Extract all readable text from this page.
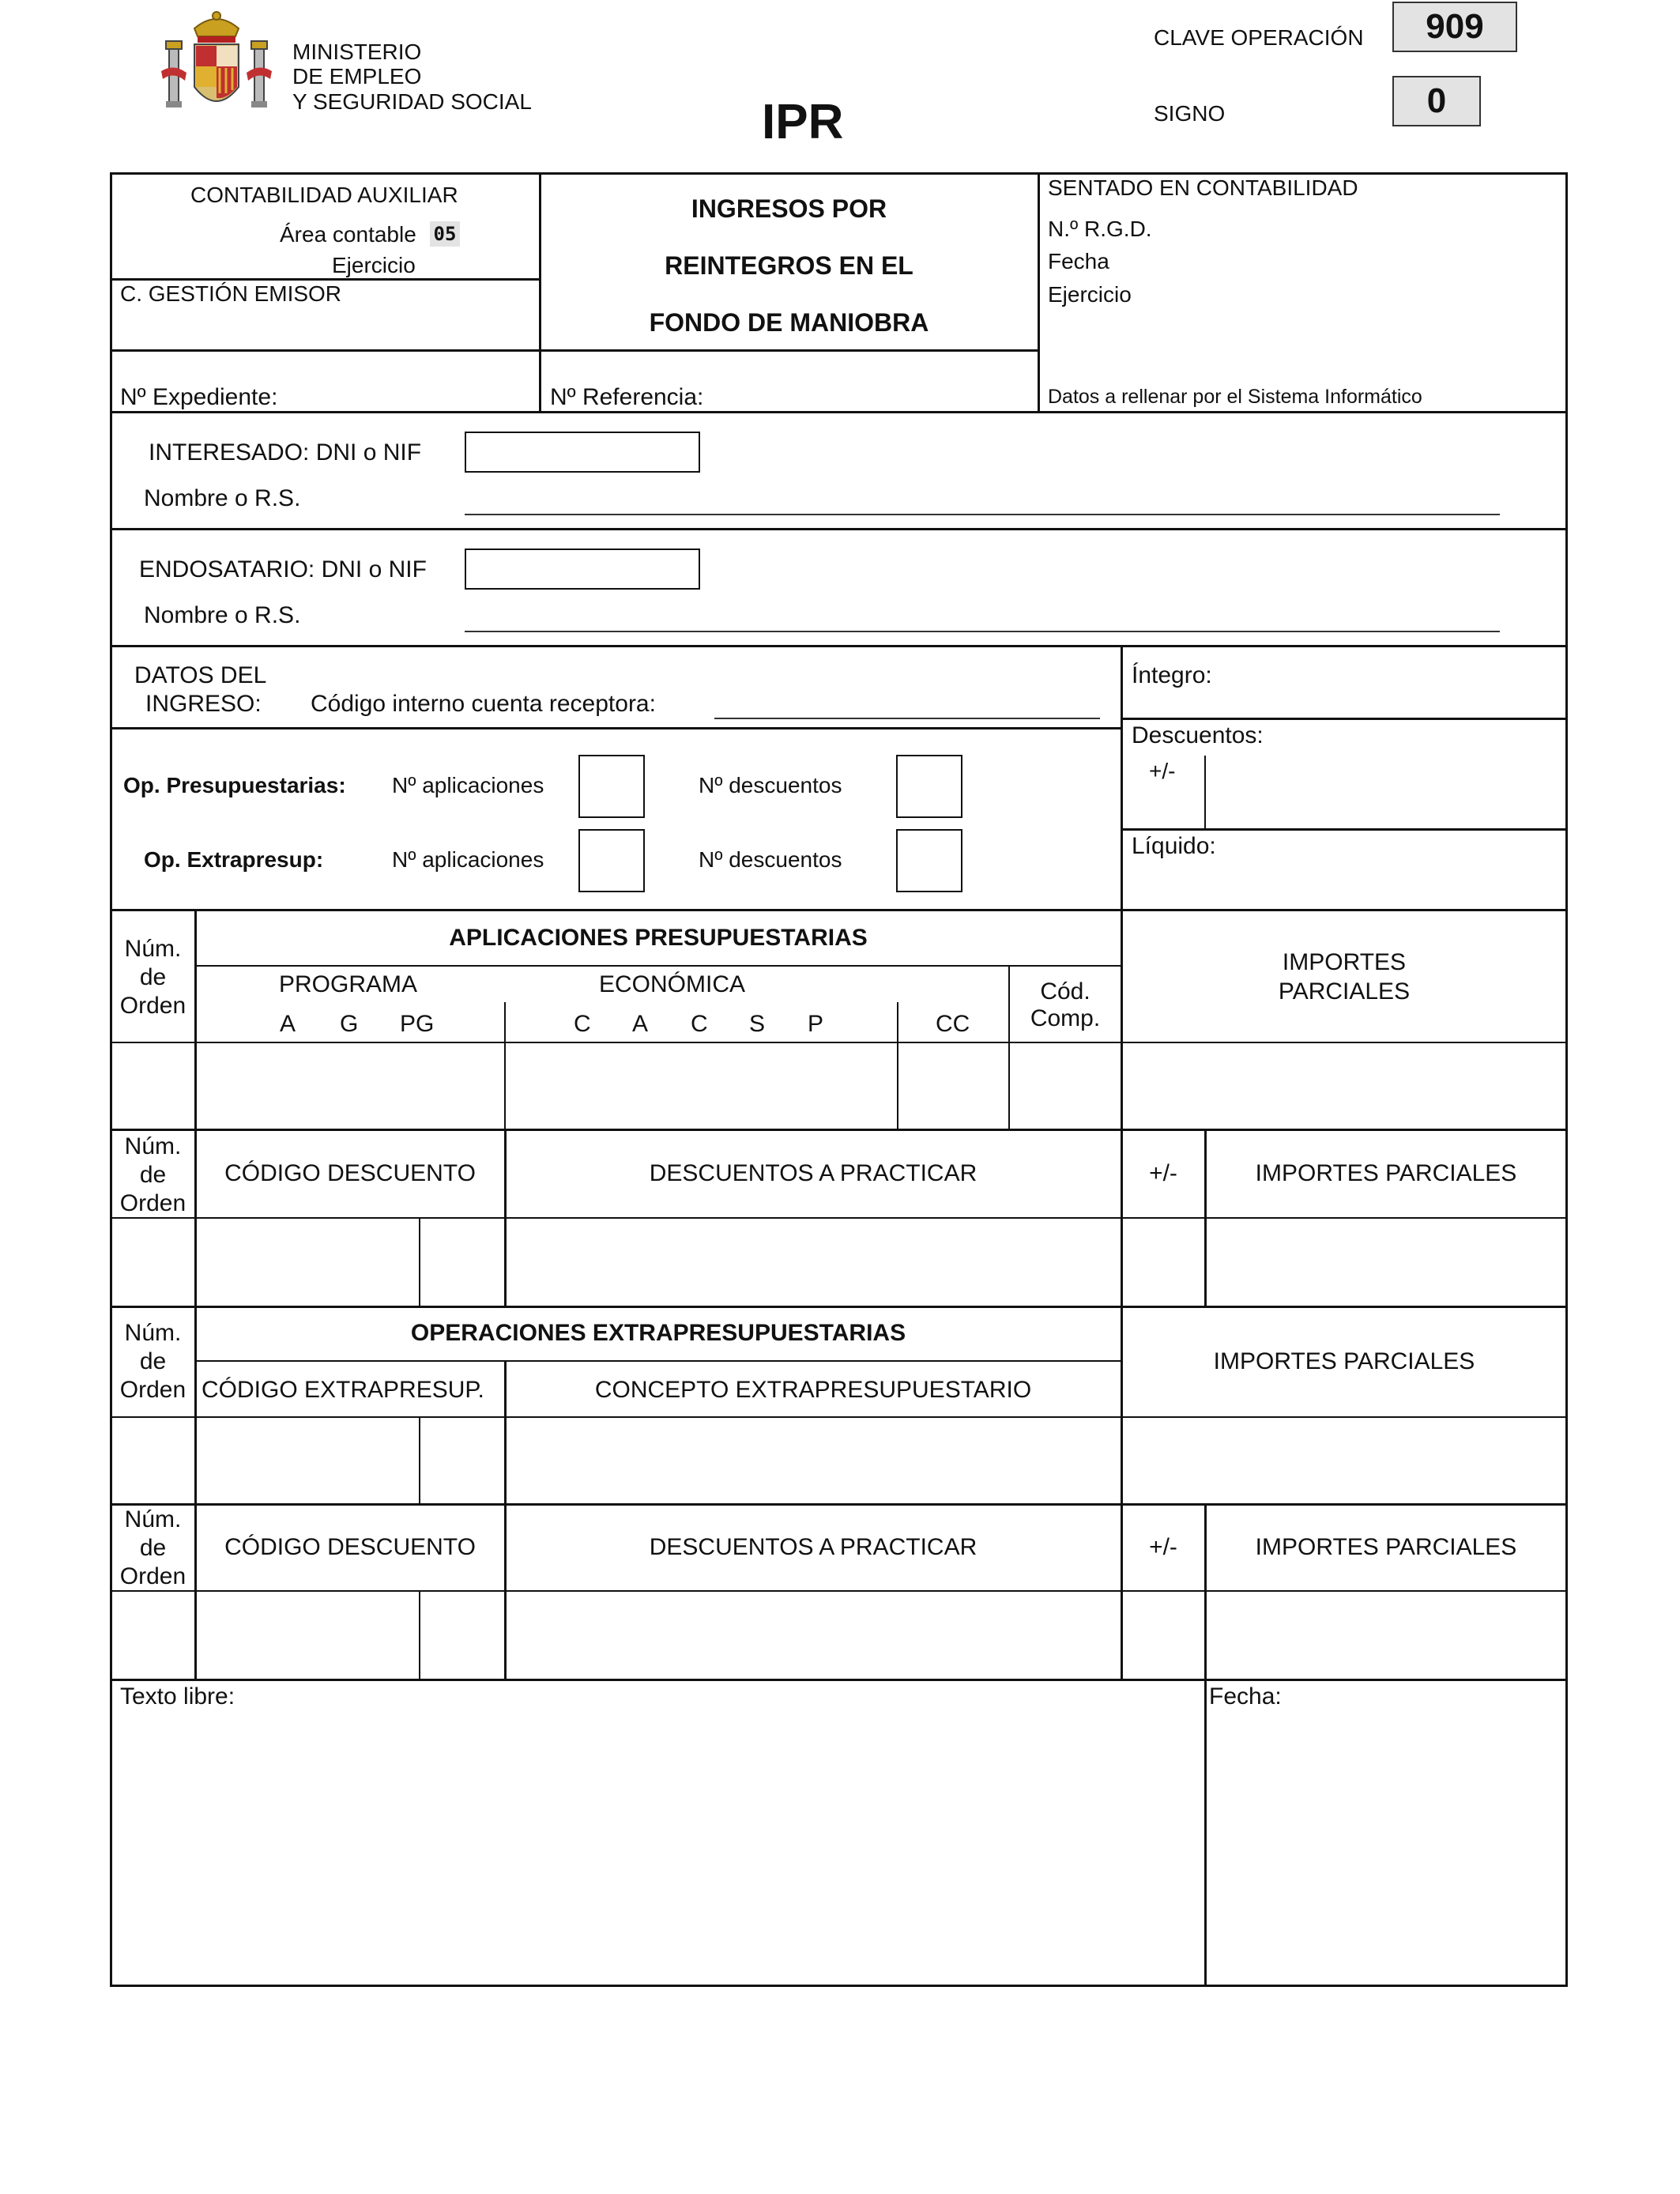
MINISTERIO
DE EMPLEO
Y SEGURIDAD SOCIAL	IPR
CLAVE OPERACIÓN	909
SIGNO	0
CONTABILIDAD AUXILIAR
Área contable 05
Ejercicio
C. GESTIÓN EMISOR
INGRESOS POR
REINTEGROS EN EL
FONDO DE MANIOBRA
SENTADO EN CONTABILIDAD
N.º R.G.D.
Fecha
Ejercicio
Nº Expediente:	Nº Referencia:	Datos a rellenar por el Sistema Informático
INTERESADO: DNI o NIF
Nombre o R.S.
ENDOSATARIO: DNI o NIF
Nombre o R.S.
DATOS DEL
INGRESO: Código interno cuenta receptora:
Íntegro:
Descuentos:
+/-
Líquido:
Op. Presupuestarias: Nº aplicaciones	Nº descuentos
Op. Extrapresup:	Nº aplicaciones	Nº descuentos
Núm.
de
Orden
APLICACIONES PRESUPUESTARIAS
PROGRAMA
A G PG
ECONÓMICA
C A C S P	CC
Cód.
Comp.
IMPORTES
PARCIALES
Núm.
de
Orden
CÓDIGO DESCUENTO	DESCUENTOS A PRACTICAR	+/-	IMPORTES PARCIALES
Núm.
de
Orden
OPERACIONES EXTRAPRESUPUESTARIAS
CÓDIGO EXTRAPRESUP.	CONCEPTO EXTRAPRESUPUESTARIO
IMPORTES PARCIALES
Núm.
de
Orden
CÓDIGO DESCUENTO	DESCUENTOS A PRACTICAR	+/-	IMPORTES PARCIALES
Texto libre:	Fecha:
